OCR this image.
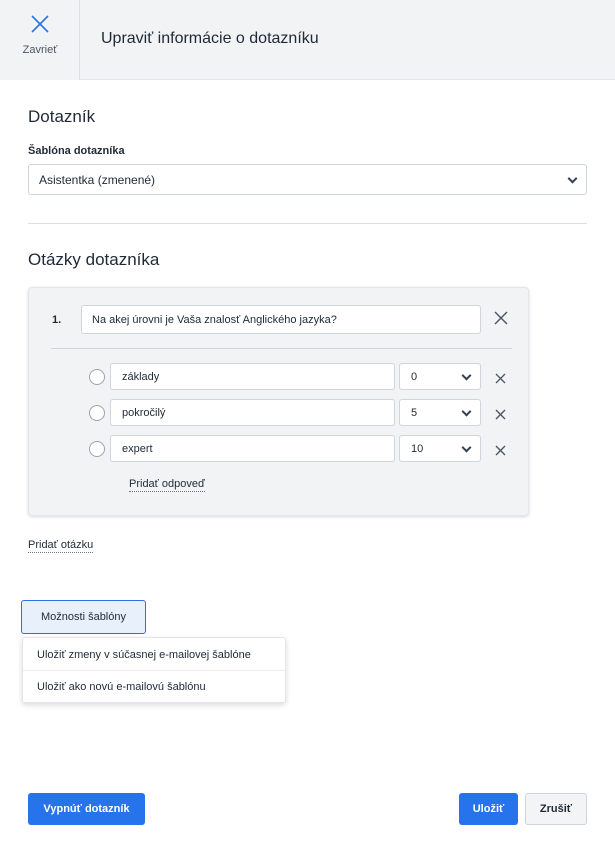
Zavrieť
Upraviť informácie o dotazníku
Dotazník
Šablóna dotazníka
Asistentka (zmenené)
Otázky dotazníka
1.	Na akej úrovni je Vaša znalosť Anglického jazyka?
základy	0
pokročilý	5
expert	10
Pridať odpoveď
Pridať otázku
Možnosti šablóny
Uložiť zmeny v súčasnej e-mailovej šablóne
Uložiť ako novú e-mailovú šablónu
Vypnúť dotazník	Uložiť	Zrušiť
